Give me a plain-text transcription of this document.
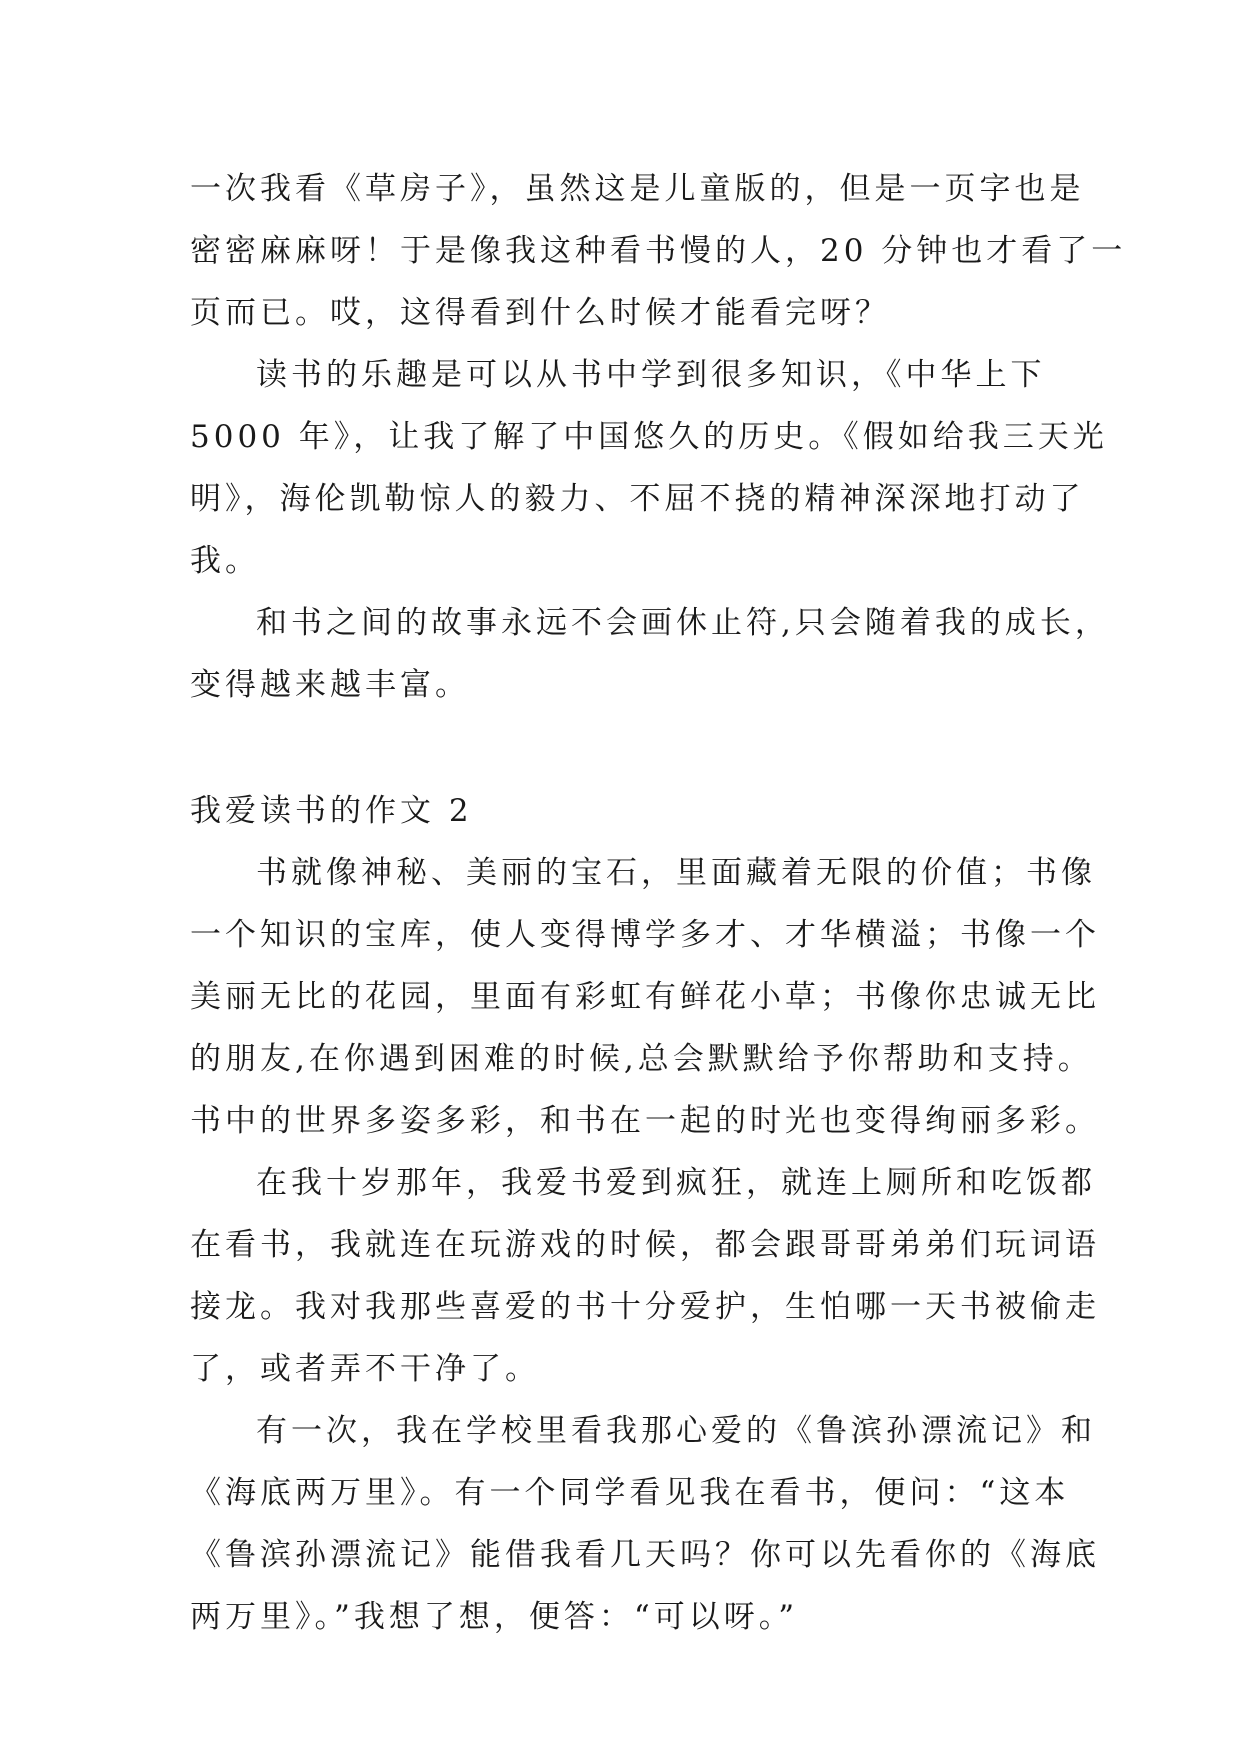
一次我看《草房子》，虽然这是儿童版的，但是一页字也是
密密麻麻呀！于是像我这种看书慢的人，20 分钟也才看了一
页而已。哎，这得看到什么时候才能看完呀？
读书的乐趣是可以从书中学到很多知识，《中华上下
5000 年》，让我了解了中国悠久的历史。《假如给我三天光
明》，海伦凯勒惊人的毅力、不屈不挠的精神深深地打动了
我。
和书之间的故事永远不会画休止符,只会随着我的成长，
变得越来越丰富。
我爱读书的作文 2
书就像神秘、美丽的宝石，里面藏着无限的价值；书像
一个知识的宝库，使人变得博学多才、才华横溢；书像一个
美丽无比的花园，里面有彩虹有鲜花小草；书像你忠诚无比
的朋友,在你遇到困难的时候,总会默默给予你帮助和支持。
书中的世界多姿多彩，和书在一起的时光也变得绚丽多彩。
在我十岁那年，我爱书爱到疯狂，就连上厕所和吃饭都
在看书，我就连在玩游戏的时候，都会跟哥哥弟弟们玩词语
接龙。我对我那些喜爱的书十分爱护，生怕哪一天书被偷走
了，或者弄不干净了。
有一次，我在学校里看我那心爱的《鲁滨孙漂流记》和
《海底两万里》。有一个同学看见我在看书，便问：“这本
《鲁滨孙漂流记》能借我看几天吗？你可以先看你的《海底
两万里》。”我想了想，便答：“可以呀。”
